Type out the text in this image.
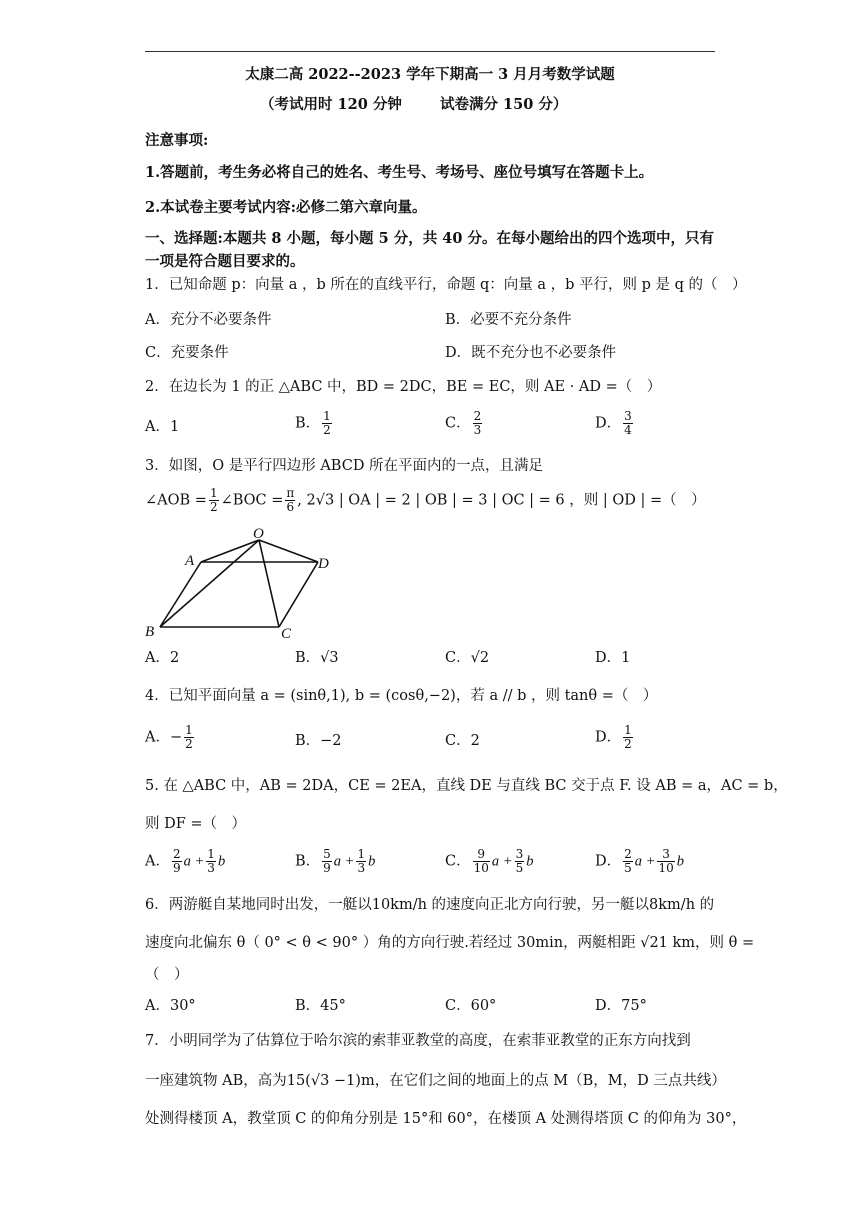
太康二高 2022--2023 学年下期高一 3 月月考数学试题
（考试用时 120 分钟	试卷满分 150 分）
注意事项:
1.答题前，考生务必将自己的姓名、考生号、考场号、座位号填写在答题卡上。
2.本试卷主要考试内容:必修二第六章向量。
一、选择题:本题共 8 小题，每小题 5 分，共 40 分。在每小题给出的四个选项中，只有
一项是符合题目要求的。
1．已知命题 p：向量 a ，b 所在的直线平行，命题 q：向量 a ，b 平行，则 p 是 q 的（　）
A．充分不必要条件	B．必要不充分条件
C．充要条件	D．既不充分也不必要条件
2．在边长为 1 的正 △ABC 中，BD = 2DC，BE = EC，则 AE · AD =（　）
A．1	B． $\frac{1}{2}$	C． $\frac{2}{3}$	D． $\frac{3}{4}$
3．如图，O 是平行四边形 ABCD 所在平面内的一点，且满足
∠AOB = $\frac{1}{2}$ ∠BOC = $\frac{\pi}{6}$ , 2√3 | OA | = 2 | OB | = 3 | OC | = 6 ，则 | OD | =（　）
O
A
B	C
D
A．2	B．√3	C．√2	D．1
4．已知平面向量 a = (sinθ,1), b = (cosθ,−2)，若 a // b ，则 tanθ =（　）
A．− $\frac{1}{2}$	B．−2	C．2	D． $\frac{1}{2}$
5. 在 △ABC 中，AB = 2DA，CE = 2EA，直线 DE 与直线 BC 交于点 F. 设 AB = a，AC = b，
则 DF =（　）
A． $\frac{2}{9}$ $a + \frac{1}{3}$ b	B． $\frac{5}{9}$ $a + \frac{1}{3}$ b	C． $\frac{9}{10}$ $a + \frac{3}{5}$ b	D． $\frac{2}{5}$ $a + \frac{3}{10}$ b
6．两游艇自某地同时出发，一艇以10km/h 的速度向正北方向行驶，另一艇以8km/h 的
速度向北偏东 θ（ 0° < θ < 90° ）角的方向行驶.若经过 30min，两艇相距 √21 km，则 θ =
（　）
A．30°	B．45°	C．60°	D．75°
7．小明同学为了估算位于哈尔滨的索菲亚教堂的高度，在索菲亚教堂的正东方向找到
一座建筑物 AB，高为15(√3 −1)m，在它们之间的地面上的点 M（B，M，D 三点共线）
处测得楼顶 A，教堂顶 C 的仰角分别是 15°和 60°，在楼顶 A 处测得塔顶 C 的仰角为 30°，
